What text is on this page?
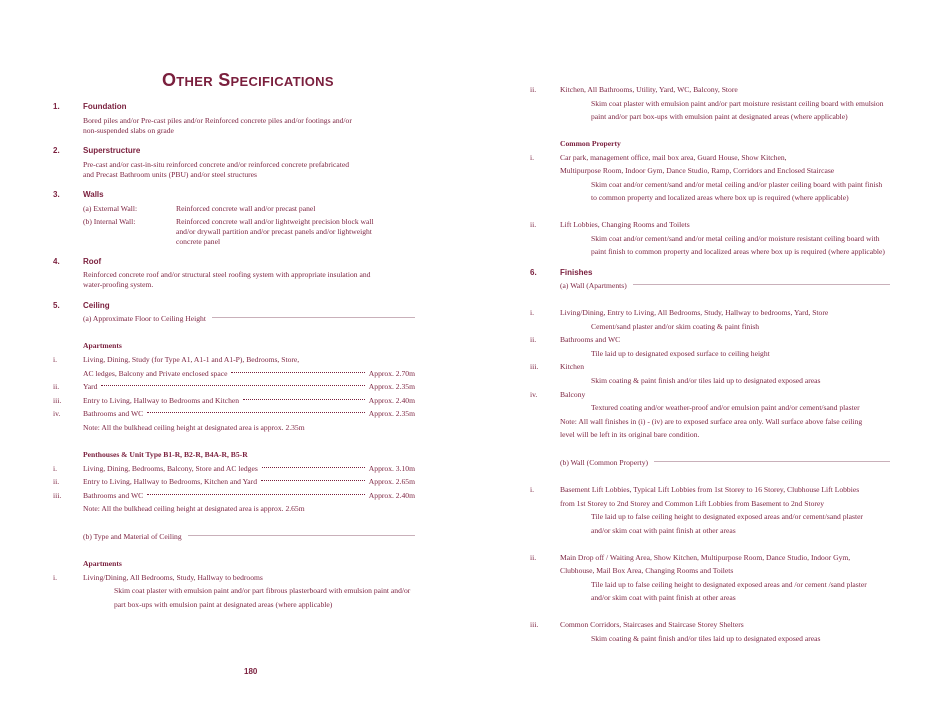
Other Specifications
1.	Foundation
Bored piles and/or Pre-cast piles and/or Reinforced concrete piles and/or footings and/or
non-suspended slabs on grade
2.	Superstructure
Pre-cast and/or cast-in-situ reinforced concrete and/or reinforced concrete prefabricated
and Precast Bathroom units (PBU) and/or steel structures
3.	Walls
(a) External Wall:	Reinforced concrete wall and/or precast panel
(b) Internal Wall:	Reinforced concrete wall and/or lightweight precision block wall
and/or drywall partition and/or precast panels and/or lightweight
concrete panel
4.	Roof
Reinforced concrete roof and/or structural steel roofing system with appropriate insulation and
water-proofing system.
5.	Ceiling
(a) Approximate Floor to Ceiling Height
Apartments
i.	Living, Dining, Study (for Type A1, A1-1 and A1-P), Bedrooms, Store,
AC ledges, Balcony and Private enclosed space	Approx. 2.70m
ii.	Yard	Approx. 2.35m
iii.	Entry to Living, Hallway to Bedrooms and Kitchen	Approx. 2.40m
iv.	Bathrooms and WC	Approx. 2.35m
Note: All the bulkhead ceiling height at designated area is approx. 2.35m
Penthouses & Unit Type B1-R, B2-R, B4A-R, B5-R
i.	Living, Dining, Bedrooms, Balcony, Store and AC ledges	Approx. 3.10m
ii.	Entry to Living, Hallway to Bedrooms, Kitchen and Yard	Approx. 2.65m
iii.	Bathrooms and WC	Approx. 2.40m
Note: All the bulkhead ceiling height at designated area is approx. 2.65m
(b) Type and Material of Ceiling
Apartments
i.	Living/Dining, All Bedrooms, Study, Hallway to bedrooms
Skim coat plaster with emulsion paint and/or part fibrous plasterboard with emulsion paint and/or
part box-ups with emulsion paint at designated areas (where applicable)
180
ii.	Kitchen, All Bathrooms, Utility, Yard, WC, Balcony, Store
Skim coat plaster with emulsion paint and/or part moisture resistant ceiling board with emulsion
paint and/or part box-ups with emulsion paint at designated areas (where applicable)
Common Property
i.	Car park, management office, mail box area, Guard House, Show Kitchen,
Multipurpose Room, Indoor Gym, Dance Studio, Ramp, Corridors and Enclosed Staircase
Skim coat and/or cement/sand and/or metal ceiling and/or plaster ceiling board with paint finish
to common property and localized areas where box up is required (where applicable)
ii.	Lift Lobbies, Changing Rooms and Toilets
Skim coat and/or cement/sand and/or metal ceiling and/or moisture resistant ceiling board with
paint finish to common property and localized areas where box up is required (where applicable)
6.	Finishes
(a) Wall (Apartments)
i.	Living/Dining, Entry to Living, All Bedrooms, Study, Hallway to bedrooms, Yard, Store
Cement/sand plaster and/or skim coating & paint finish
ii.	Bathrooms and WC
Tile laid up to designated exposed surface to ceiling height
iii.	Kitchen
Skim coating & paint finish and/or tiles laid up to designated exposed areas
iv.	Balcony
Textured coating and/or weather-proof and/or emulsion paint and/or cement/sand plaster
Note: All wall finishes in (i) - (iv) are to exposed surface area only. Wall surface above false ceiling
level will be left in its original bare condition.
(b) Wall (Common Property)
i.	Basement Lift Lobbies, Typical Lift Lobbies from 1st Storey to 16 Storey, Clubhouse Lift Lobbies
from 1st Storey to 2nd Storey and Common Lift Lobbies from Basement to 2nd Storey
Tile laid up to false ceiling height to designated exposed areas and/or cement/sand plaster
and/or skim coat with paint finish at other areas
ii.	Main Drop off / Waiting Area, Show Kitchen, Multipurpose Room, Dance Studio, Indoor Gym,
Clubhouse, Mail Box Area, Changing Rooms and Toilets
Tile laid up to false ceiling height to designated exposed areas and /or cement /sand plaster
and/or skim coat with paint finish at other areas
iii.	Common Corridors, Staircases and Staircase Storey Shelters
Skim coating & paint finish and/or tiles laid up to designated exposed areas
